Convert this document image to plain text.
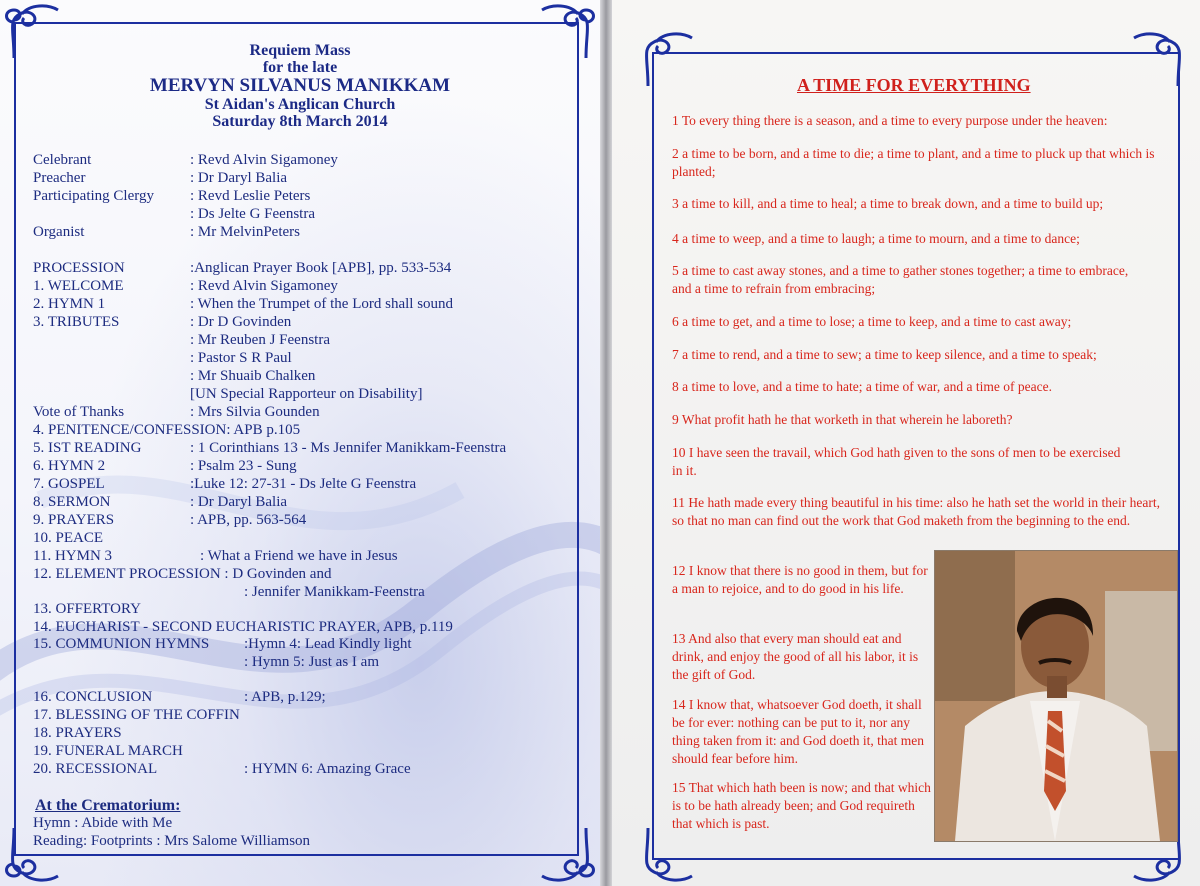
Requiem Mass
for the late
MERVYN SILVANUS MANIKKAM
St Aidan's Anglican Church
Saturday 8th March 2014
Celebrant	: Revd Alvin Sigamoney
Preacher	: Dr Daryl Balia
Participating Clergy : Revd Leslie Peters
: Ds Jelte G Feenstra
Organist	: Mr MelvinPeters
PROCESSION	:Anglican Prayer Book [APB], pp. 533-534
1. WELCOME	: Revd Alvin Sigamoney
2. HYMN 1	: When the Trumpet of the Lord shall sound
3. TRIBUTES	: Dr D Govinden
: Mr Reuben J Feenstra
: Pastor S R Paul
: Mr Shuaib Chalken
[UN Special Rapporteur on Disability]
Vote of Thanks	: Mrs Silvia Gounden
4. PENITENCE/CONFESSION: APB p.105
5. IST READING	: 1 Corinthians 13 - Ms Jennifer Manikkam-Feenstra
6. HYMN 2	: Psalm 23 - Sung
7. GOSPEL	:Luke 12: 27-31 - Ds Jelte G Feenstra
8. SERMON	: Dr Daryl Balia
9. PRAYERS	: APB, pp. 563-564
10. PEACE
11. HYMN 3	: What a Friend we have in Jesus
12. ELEMENT PROCESSION : D Govinden and
: Jennifer Manikkam-Feenstra
13. OFFERTORY
14. EUCHARIST - SECOND EUCHARISTIC PRAYER, APB, p.119
15. COMMUNION HYMNS :Hymn 4: Lead Kindly light
: Hymn 5: Just as I am
16. CONCLUSION	: APB, p.129;
17. BLESSING OF THE COFFIN
18. PRAYERS
19. FUNERAL MARCH
20. RECESSIONAL	: HYMN 6: Amazing Grace
At the Crematorium:
Hymn : Abide with Me
Reading: Footprints : Mrs Salome Williamson
A TIME FOR EVERYTHING
1 To every thing there is a season, and a time to every purpose under the heaven:
2 a time to be born, and a time to die; a time to plant, and a time to pluck up that which is planted;
3 a time to kill, and a time to heal; a time to break down, and a time to build up;
4 a time to weep, and a time to laugh; a time to mourn, and a time to dance;
5 a time to cast away stones, and a time to gather stones together; a time to embrace, and a time to refrain from embracing;
6 a time to get, and a time to lose; a time to keep, and a time to cast away;
7 a time to rend, and a time to sew; a time to keep silence, and a time to speak;
8 a time to love, and a time to hate; a time of war, and a time of peace.
9 What profit hath he that worketh in that wherein he laboreth?
10 I have seen the travail, which God hath given to the sons of men to be exercised in it.
11 He hath made every thing beautiful in his time: also he hath set the world in their heart, so that no man can find out the work that God maketh from the beginning to the end.
12 I know that there is no good in them, but for a man to rejoice, and to do good in his life.
13 And also that every man should eat and drink, and enjoy the good of all his labor, it is the gift of God.
14 I know that, whatsoever God doeth, it shall be for ever: nothing can be put to it, nor any thing taken from it: and God doeth it, that men should fear before him.
15 That which hath been is now; and that which is to be hath already been; and God requireth that which is past.
